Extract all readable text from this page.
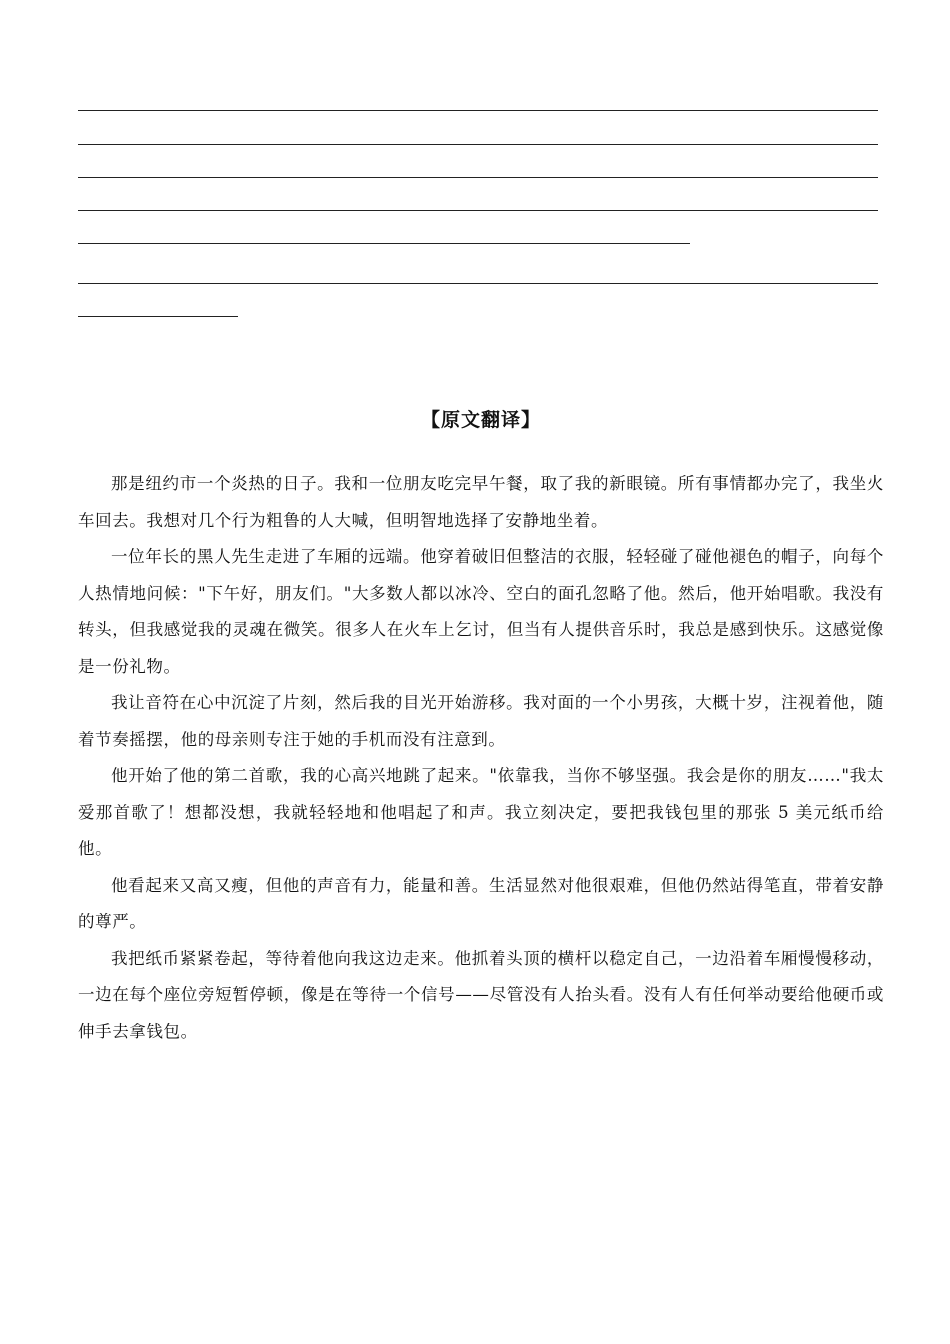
【原文翻译】

那是纽约市一个炎热的日子。我和一位朋友吃完早午餐，取了我的新眼镜。所有事情都办完了，我坐火车回去。我想对几个行为粗鲁的人大喊，但明智地选择了安静地坐着。

一位年长的黑人先生走进了车厢的远端。他穿着破旧但整洁的衣服，轻轻碰了碰他褪色的帽子，向每个人热情地问候："下午好，朋友们。"大多数人都以冰冷、空白的面孔忽略了他。然后，他开始唱歌。我没有转头，但我感觉我的灵魂在微笑。很多人在火车上乞讨，但当有人提供音乐时，我总是感到快乐。这感觉像是一份礼物。

我让音符在心中沉淀了片刻，然后我的目光开始游移。我对面的一个小男孩，大概十岁，注视着他，随着节奏摇摆，他的母亲则专注于她的手机而没有注意到。

他开始了他的第二首歌，我的心高兴地跳了起来。"依靠我，当你不够坚强。我会是你的朋友……"我太爱那首歌了！想都没想，我就轻轻地和他唱起了和声。我立刻决定，要把我钱包里的那张 5 美元纸币给他。

他看起来又高又瘦，但他的声音有力，能量和善。生活显然对他很艰难，但他仍然站得笔直，带着安静的尊严。

我把纸币紧紧卷起，等待着他向我这边走来。他抓着头顶的横杆以稳定自己，一边沿着车厢慢慢移动，一边在每个座位旁短暂停顿，像是在等待一个信号——尽管没有人抬头看。没有人有任何举动要给他硬币或伸手去拿钱包。
